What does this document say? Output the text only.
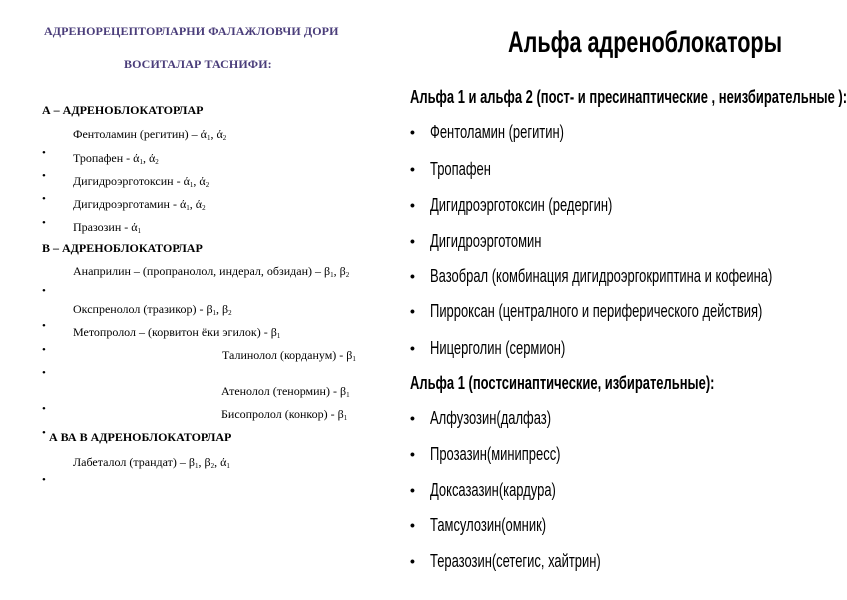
АДРЕНОРЕЦЕПТОРЛАРНИ ФАЛАЖЛОВЧИ ДОРИ
ВОСИТАЛАР ТАСНИФИ:
А – АДРЕНОБЛОКАТОРЛАР
Фентоламин (регитин) – $ά_1$, $ά_2$
• Тропафен - $ά_1$, $ά_2$
• Дигидроэрготоксин - $ά_1$, $ά_2$
• Дигидроэрготамин - $ά_1$, $ά_2$
• Празозин - $ά_1$
В – АДРЕНОБЛОКАТОРЛАР
Анаприлин – (пропранолол, индерал, обзидан) – $\beta_1$, $\beta_2$
•
Окспренолол (тразикор) - $\beta_1$, $\beta_2$
• Метопролол – (корвитон ёки эгилок) - $\beta_1$
•
•
Талинолол (корданум) - $\beta_1$
Атенолол (тенормин) - $\beta_1$
•	Бисопролол (конкор) - $\beta_1$
• А ВА В АДРЕНОБЛОКАТОРЛАР
Лабеталол (трандат) – $\beta_1$, $\beta_2$, $ά_1$
•
Альфа адреноблокаторы
Альфа 1 и альфа 2 (пост- и пресинаптические , неизбирательные ):
• Фентоламин (регитин)
• Тропафен
• Дигидроэрготоксин (редергин)
• Дигидроэрготомин
• Вазобрал (комбинация дигидроэргокриптина и кофеина)
• Пирроксан (централного и периферического действия)
• Ницерголин (сермион)
Альфа 1 (постсинаптические, избирательные):
• Алфузозин(далфаз)
• Прозазин(минипресс)
• Доксазазин(кардура)
• Тамсулозин(омник)
• Теразозин(сетегис, хайтрин)
